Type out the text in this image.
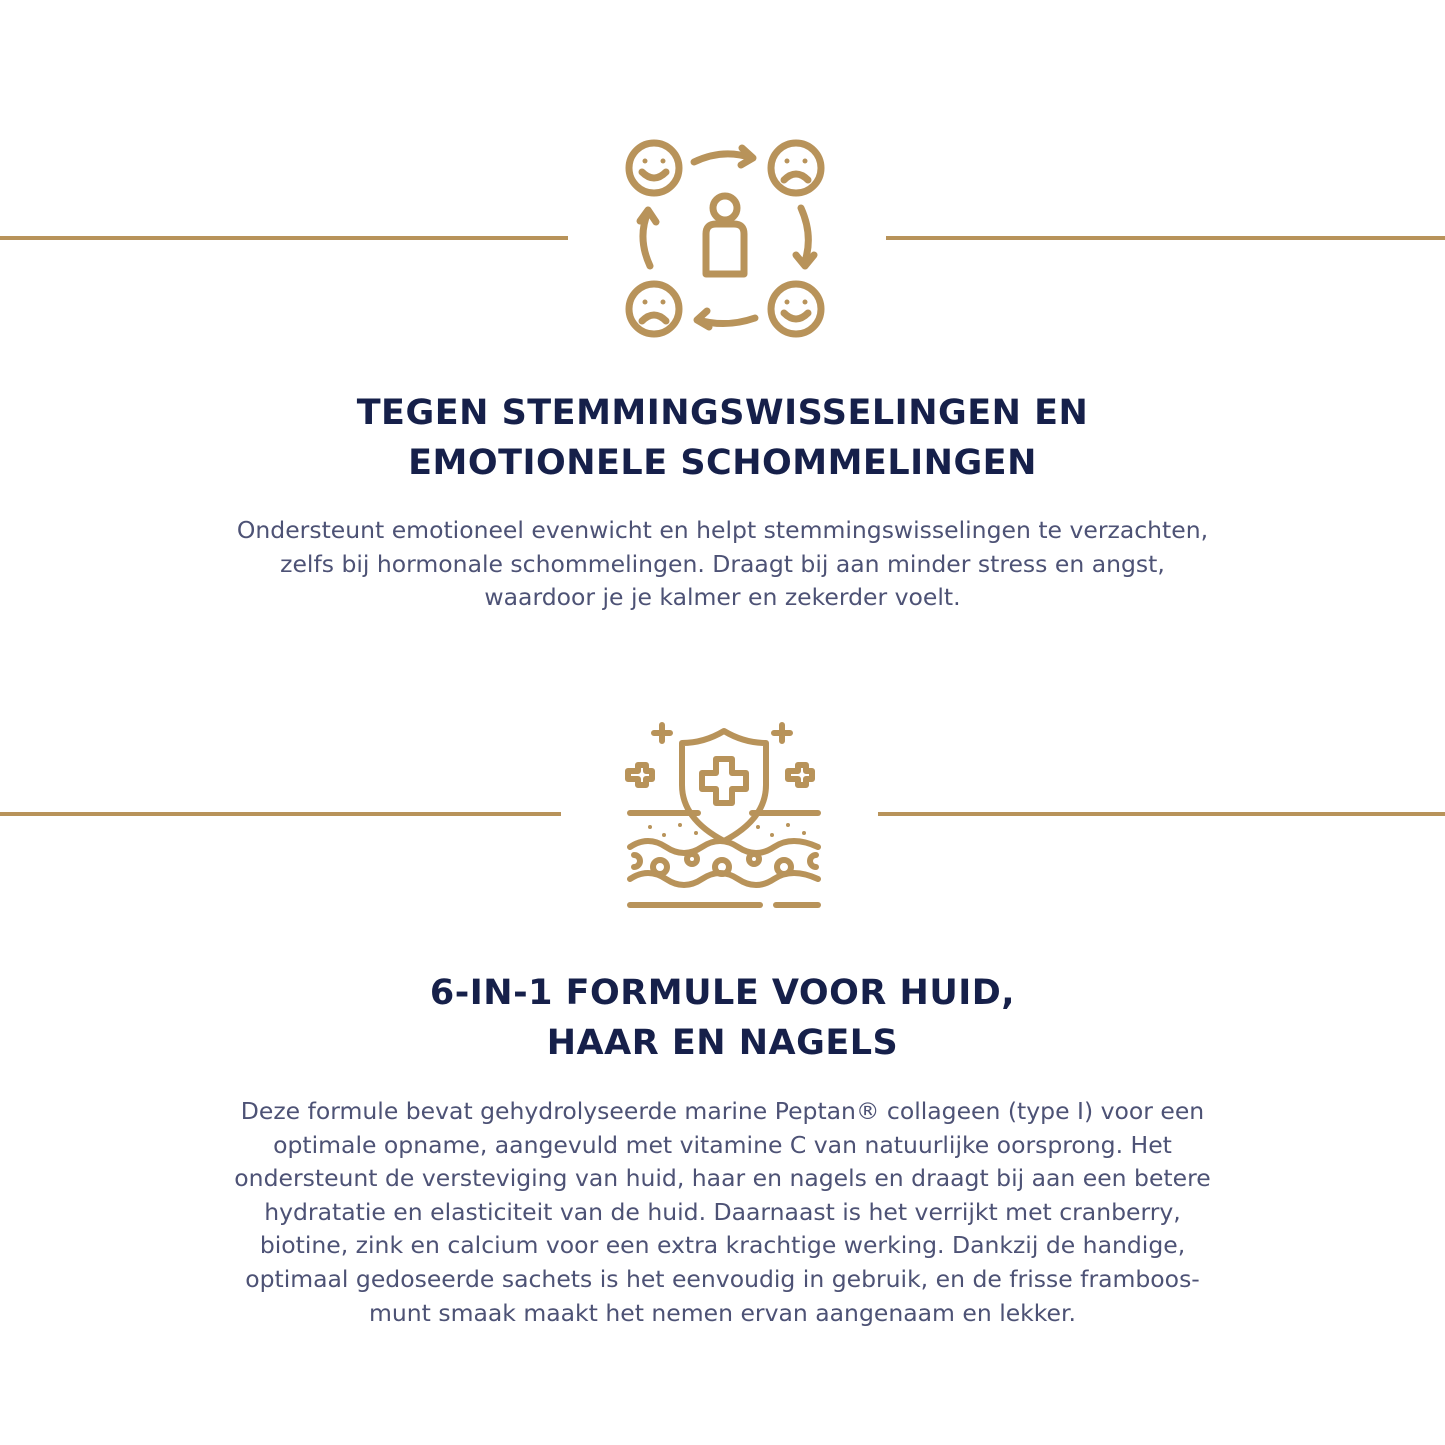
TEGEN STEMMINGSWISSELINGEN EN
EMOTIONELE SCHOMMELINGEN

Ondersteunt emotioneel evenwicht en helpt stemmingswisselingen te verzachten,
zelfs bij hormonale schommelingen. Draagt bij aan minder stress en angst,
waardoor je je kalmer en zekerder voelt.

6-IN-1 FORMULE VOOR HUID,
HAAR EN NAGELS

Deze formule bevat gehydrolyseerde marine Peptan® collageen (type I) voor een
optimale opname, aangevuld met vitamine C van natuurlijke oorsprong. Het
ondersteunt de versteviging van huid, haar en nagels en draagt bij aan een betere
hydratatie en elasticiteit van de huid. Daarnaast is het verrijkt met cranberry,
biotine, zink en calcium voor een extra krachtige werking. Dankzij de handige,
optimaal gedoseerde sachets is het eenvoudig in gebruik, en de frisse framboos-
munt smaak maakt het nemen ervan aangenaam en lekker.
